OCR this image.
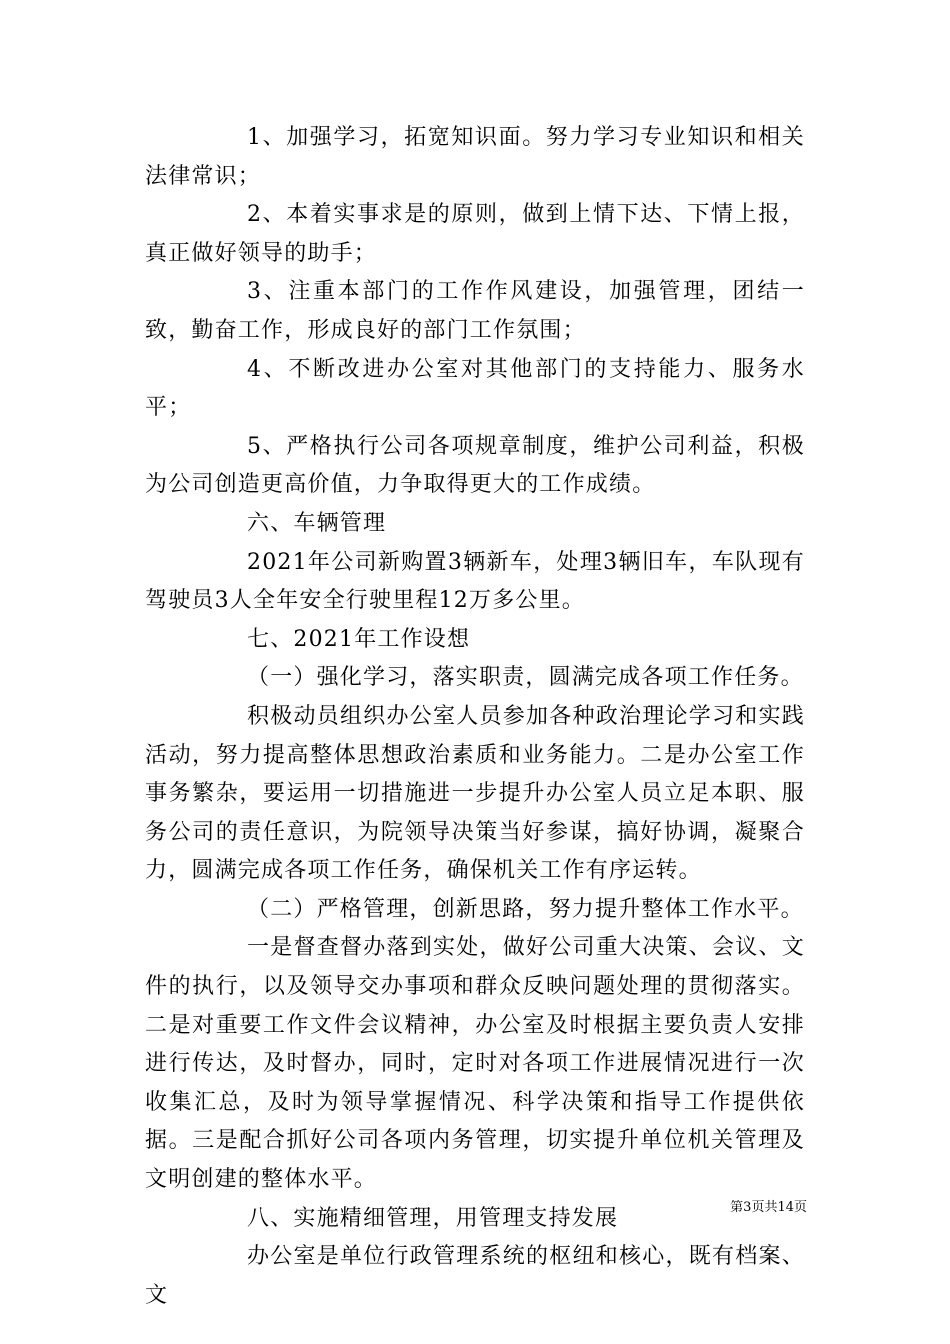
1、加强学习，拓宽知识面。努力学习专业知识和相关法律常识；

2、本着实事求是的原则，做到上情下达、下情上报，真正做好领导的助手；

3、注重本部门的工作作风建设，加强管理，团结一致，勤奋工作，形成良好的部门工作氛围；

4、不断改进办公室对其他部门的支持能力、服务水平；

5、严格执行公司各项规章制度，维护公司利益，积极为公司创造更高价值，力争取得更大的工作成绩。

六、车辆管理

2021年公司新购置3辆新车，处理3辆旧车，车队现有驾驶员3人全年安全行驶里程12万多公里。

七、2021年工作设想

（一）强化学习，落实职责，圆满完成各项工作任务。

积极动员组织办公室人员参加各种政治理论学习和实践活动，努力提高整体思想政治素质和业务能力。二是办公室工作事务繁杂，要运用一切措施进一步提升办公室人员立足本职、服务公司的责任意识，为院领导决策当好参谋，搞好协调，凝聚合力，圆满完成各项工作任务，确保机关工作有序运转。

（二）严格管理，创新思路，努力提升整体工作水平。

一是督查督办落到实处，做好公司重大决策、会议、文件的执行，以及领导交办事项和群众反映问题处理的贯彻落实。二是对重要工作文件会议精神，办公室及时根据主要负责人安排进行传达，及时督办，同时，定时对各项工作进展情况进行一次收集汇总，及时为领导掌握情况、科学决策和指导工作提供依据。三是配合抓好公司各项内务管理，切实提升单位机关管理及文明创建的整体水平。

八、实施精细管理，用管理支持发展

办公室是单位行政管理系统的枢纽和核心，既有档案、文

第3页共14页
